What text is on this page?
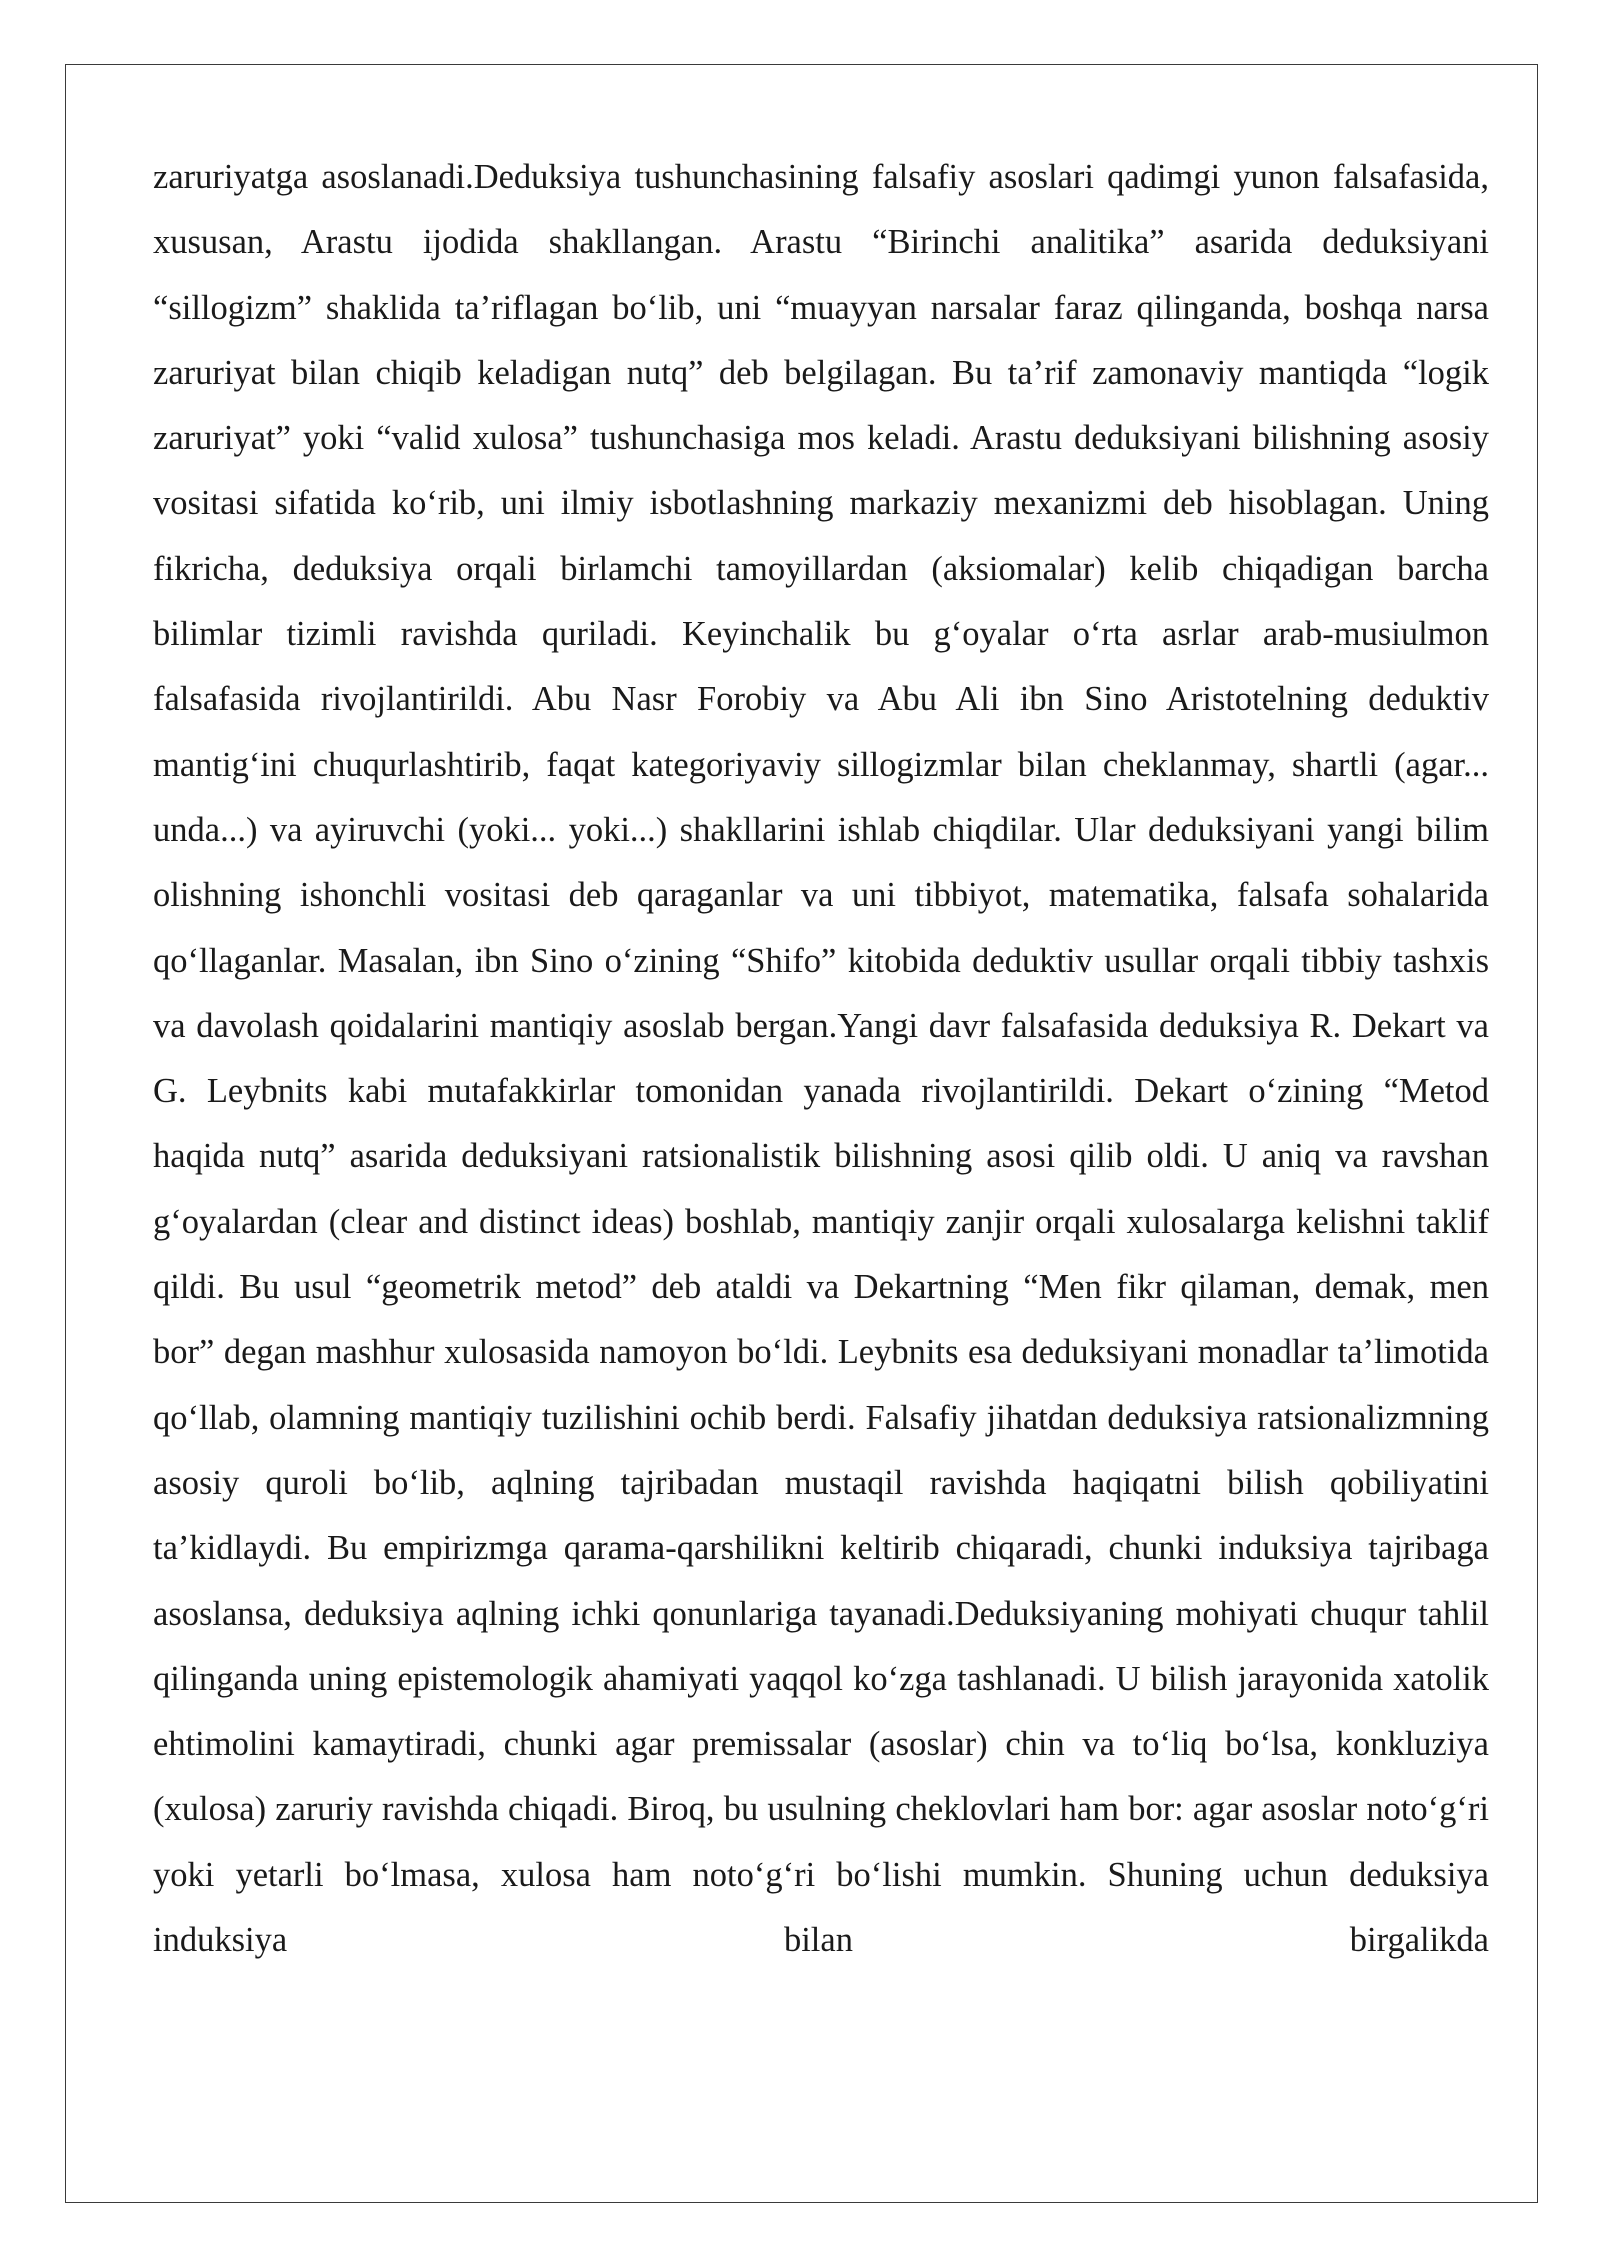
zaruriyatga asoslanadi.Deduksiya tushunchasining falsafiy asoslari qadimgi yunon falsafasida, xususan, Arastu ijodida shakllangan. Arastu “Birinchi analitika” asarida deduksiyani “sillogizm” shaklida ta’riflagan bo‘lib, uni “muayyan narsalar faraz qilinganda, boshqa narsa zaruriyat bilan chiqib keladigan nutq” deb belgilagan. Bu ta’rif zamonaviy mantiqda “logik zaruriyat” yoki “valid xulosa” tushunchasiga mos keladi. Arastu deduksiyani bilishning asosiy vositasi sifatida ko‘rib, uni ilmiy isbotlashning markaziy mexanizmi deb hisoblagan. Uning fikricha, deduksiya orqali birlamchi tamoyillardan (aksiomalar) kelib chiqadigan barcha bilimlar tizimli ravishda quriladi. Keyinchalik bu g‘oyalar o‘rta asrlar arab-musiulmon falsafasida rivojlantirildi. Abu Nasr Forobiy va Abu Ali ibn Sino Aristotelning deduktiv mantig‘ini chuqurlashtirib, faqat kategoriyaviy sillogizmlar bilan cheklanmay, shartli (agar... unda...) va ayiruvchi (yoki... yoki...) shakllarini ishlab chiqdilar. Ular deduksiyani yangi bilim olishning ishonchli vositasi deb qaraganlar va uni tibbiyot, matematika, falsafa sohalarida qo‘llaganlar. Masalan, ibn Sino o‘zining “Shifo” kitobida deduktiv usullar orqali tibbiy tashxis va davolash qoidalarini mantiqiy asoslab bergan.Yangi davr falsafasida deduksiya R. Dekart va G. Leybnits kabi mutafakkirlar tomonidan yanada rivojlantirildi. Dekart o‘zining “Metod haqida nutq” asarida deduksiyani ratsionalistik bilishning asosi qilib oldi. U aniq va ravshan g‘oyalardan (clear and distinct ideas) boshlab, mantiqiy zanjir orqali xulosalarga kelishni taklif qildi. Bu usul “geometrik metod” deb ataldi va Dekartning “Men fikr qilaman, demak, men bor” degan mashhur xulosasida namoyon bo‘ldi. Leybnits esa deduksiyani monadlar ta’limotida qo‘llab, olamning mantiqiy tuzilishini ochib berdi. Falsafiy jihatdan deduksiya ratsionalizmning asosiy quroli bo‘lib, aqlning tajribadan mustaqil ravishda haqiqatni bilish qobiliyatini ta’kidlaydi. Bu empirizmga qarama-qarshilikni keltirib chiqaradi, chunki induksiya tajribaga asoslansa, deduksiya aqlning ichki qonunlariga tayanadi.Deduksiyaning mohiyati chuqur tahlil qilinganda uning epistemologik ahamiyati yaqqol ko‘zga tashlanadi. U bilish jarayonida xatolik ehtimolini kamaytiradi, chunki agar premissalar (asoslar) chin va to‘liq bo‘lsa, konkluziya (xulosa) zaruriy ravishda chiqadi. Biroq, bu usulning cheklovlari ham bor: agar asoslar noto‘g‘ri yoki yetarli bo‘lmasa, xulosa ham noto‘g‘ri bo‘lishi mumkin. Shuning uchun deduksiya induksiya bilan birgalikda
